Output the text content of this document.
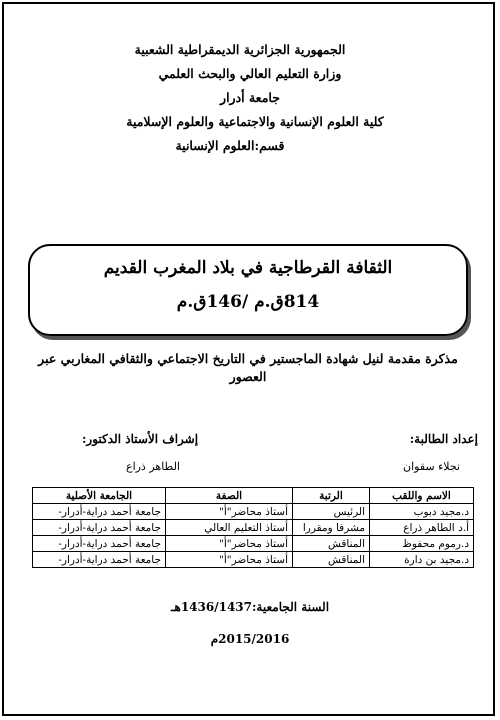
الجمهورية الجزائرية الديمقراطية الشعبية
وزارة التعليم العالي والبحث العلمي
جامعة أدرار
كلية العلوم الإنسانية والاجتماعية والعلوم الإسلامية
قسم:العلوم الإنسانية
الثقافة القرطاجية في بلاد المغرب القديم
814ق.م /146ق.م
مذكرة مقدمة لنيل شهادة الماجستير في التاريخ الاجتماعي والثقافي المغاربي عبر العصور
إعداد الطالبة:
نجلاء سقوان
إشراف الأستاذ الدكتور:
الطاهر ذراع
الاسم واللقب	الرتبة	الصفة	الجامعة الأصلية
د.مجيد دبوب	الرئيس	أستاذ محاضر"أ"	جامعة أحمد دراية-أدرار-
أ.د الطاهر ذراع	مشرفا ومقررا	أستاذ التعليم العالي	جامعة أحمد دراية-أدرار-
د.رموم محفوظ	المناقش	أستاذ محاضر"أ"	جامعة أحمد دراية-أدرار-
د.مجيد بن دارة	المناقش	أستاذ محاضر"أ"	جامعة أحمد دراية-أدرار-
السنة الجامعية:1436/1437هـ
2015/2016م
